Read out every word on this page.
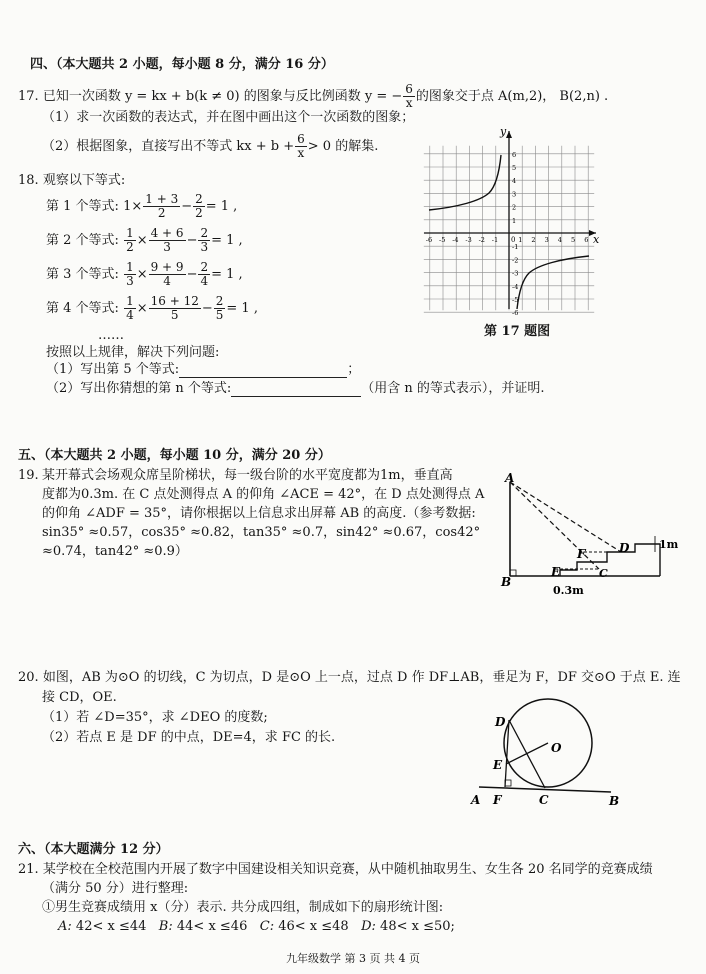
四、（本大题共 2 小题，每小题 8 分，满分 16 分）
17. 已知一次函数 y = kx + b(k ≠ 0) 的图象与反比例函数 y = − $\frac{6}{x}$ 的图象交于点 A(m,2)， B(2,n) .
（1）求一次函数的表达式，并在图中画出这个一次函数的图象；
（2）根据图象，直接写出不等式 kx + $b + \frac{6}{x} > 0$ 的解集.
x
y
0
-6 -5 -4 -3 -2 -1	1 2 3 4 5 6
6
5
4
3
2
1
-1
-2
-3
-4
-5
-6
第 17 题图
18. 观察以下等式:
第 1 个等式: $1\times \frac{1 + 3}{2} - \frac{2}{2} = 1$ ,
第 2 个等式: $\frac{1}{2} \times \frac{4 + 6}{3} - \frac{2}{3} = 1$ ,
第 3 个等式: $\frac{1}{3} \times \frac{9 + 9}{4} - \frac{2}{4} = 1$ ,
第 4 个等式: $\frac{1}{4} \times \frac{16 + 12}{5} - \frac{2}{5} = 1$ ,
……
按照以上规律，解决下列问题:
（1）写出第 5 个等式:	；
（2）写出你猜想的第 n 个等式:	（用含 n 的等式表示），并证明.
五、（本大题共 2 小题，每小题 10 分，满分 20 分）
19. 某开幕式会场观众席呈阶梯状，每一级台阶的水平宽度都为1m，垂直高
度都为0.3m. 在 C 点处测得点 A 的仰角 ∠ACE = 42°，在 D 点处测得点 A
的仰角 ∠ADF = 35°，请你根据以上信息求出屏幕 AB 的高度.（参考数据:
sin35° ≈0.57，cos35° ≈0.82，tan35° ≈0.7，sin42° ≈0.67，cos42°
≈0.74，tan42° ≈0.9）
A
B
C
D
E
F
1m
0.3m
20. 如图，AB 为⊙O 的切线，C 为切点，D 是⊙O 上一点，过点 D 作 DF⊥AB，垂足为 F，DF 交⊙O 于点 E. 连
接 CD，OE.
（1）若 ∠D=35°，求 ∠DEO 的度数;
（2）若点 E 是 DF 的中点，DE=4，求 FC 的长.
D
O
E
A F	C	B
六、（本大题满分 12 分）
21. 某学校在全校范围内开展了数字中国建设相关知识竞赛，从中随机抽取男生、女生各 20 名同学的竞赛成绩
（满分 50 分）进行整理:
①男生竞赛成绩用 x（分）表示. 共分成四组，制成如下的扇形统计图:
A: 42< x ≤44 B: 44< x ≤46 C: 46< x ≤48 D: 48< x ≤50;
九年级数学 第 3 页 共 4 页
